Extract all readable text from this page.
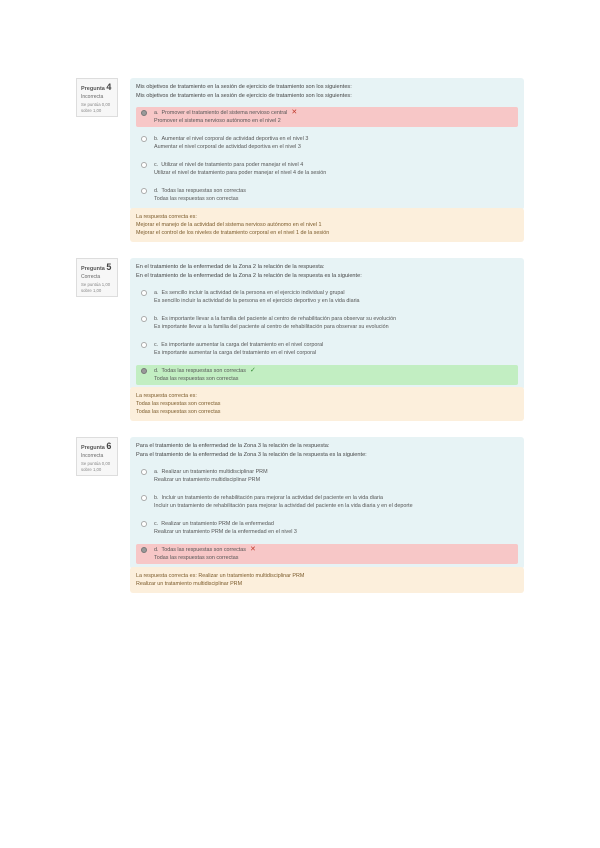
Pregunta 4
Incorrecta
Se puntúa 0,00 sobre 1,00
Mis objetivos de tratamiento en la sesión de ejercicio de tratamiento son los siguientes:
Mis objetivos de tratamiento en la sesión de ejercicio de tratamiento son los siguientes:
a. Promover el tratamiento del sistema nervioso central ✕
Promover el sistema nervioso autónomo en el nivel 2
b. Aumentar el nivel corporal de actividad deportiva en el nivel 3
Aumentar el nivel corporal de actividad deportiva en el nivel 3
c. Utilizar el nivel de tratamiento para poder manejar el nivel 4
Utilizar el nivel de tratamiento para poder manejar el nivel 4 de la sesión
d. Todas las respuestas son correctas
Todas las respuestas son correctas
La respuesta correcta es:
Mejorar el manejo de la actividad del sistema nervioso autónomo en el nivel 1
Mejorar el control de los niveles de tratamiento corporal en el nivel 1 de la sesión
Pregunta 5
Correcta
Se puntúa 1,00 sobre 1,00
En el tratamiento de la enfermedad de la Zona 2 la relación de la respuesta:
En el tratamiento de la enfermedad de la Zona 2 la relación de la respuesta es la siguiente:
a. Es sencillo incluir la actividad de la persona en el ejercicio individual y grupal
Es sencillo incluir la actividad de la persona en el ejercicio deportivo y en la vida diaria
b. Es importante llevar a la familia del paciente al centro de rehabilitación para observar su evolución
Es importante llevar a la familia del paciente al centro de rehabilitación para observar su evolución
c. Es importante aumentar la carga del tratamiento en el nivel corporal
Es importante aumentar la carga del tratamiento en el nivel corporal
d. Todas las respuestas son correctas ✓
Todas las respuestas son correctas
La respuesta correcta es:
Todas las respuestas son correctas
Todas las respuestas son correctas
Pregunta 6
Incorrecta
Se puntúa 0,00 sobre 1,00
Para el tratamiento de la enfermedad de la Zona 3 la relación de la respuesta:
Para el tratamiento de la enfermedad de la Zona 3 la relación de la respuesta es la siguiente:
a. Realizar un tratamiento multidisciplinar PRM
Realizar un tratamiento multidisciplinar PRM
b. Incluir un tratamiento de rehabilitación para mejorar la actividad del paciente en la vida diaria
Incluir un tratamiento de rehabilitación para mejorar la actividad del paciente en la vida diaria y en el deporte
c. Realizar un tratamiento PRM de la enfermedad
Realizar un tratamiento PRM de la enfermedad en el nivel 3
d. Todas las respuestas son correctas ✕
Todas las respuestas son correctas
La respuesta correcta es: Realizar un tratamiento multidisciplinar PRM
Realizar un tratamiento multidisciplinar PRM
